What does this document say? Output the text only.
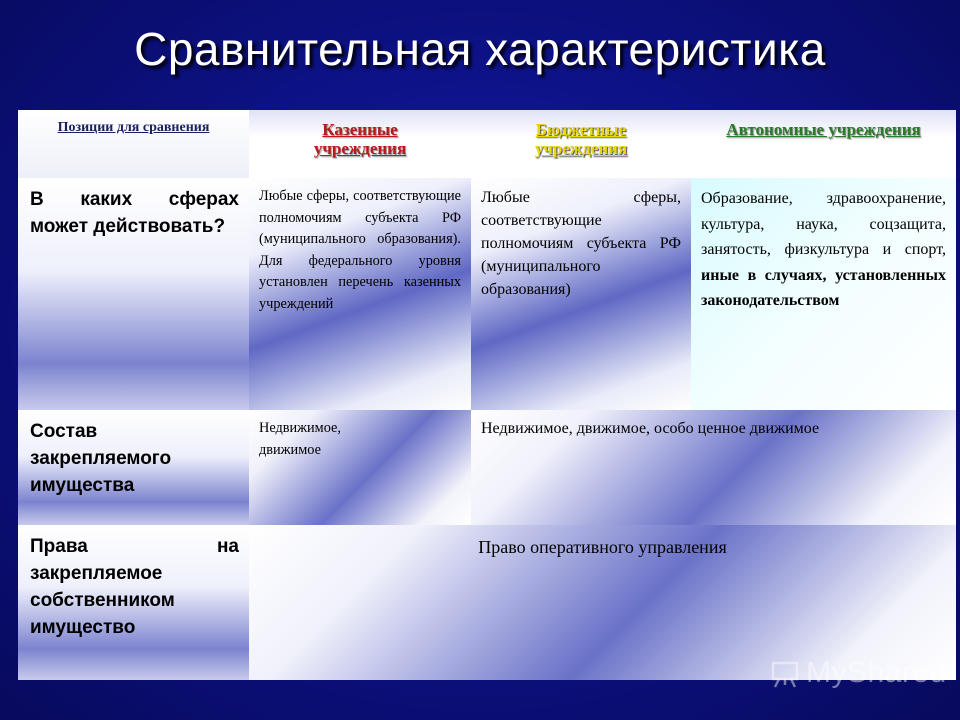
Сравнительная характеристика
Позиции для сравнения	Казенные учреждения
Бюджетные учреждения
Автономные учреждения
В каких сферах может действовать?
Любые сферы, соответствующие полномочиям субъекта РФ (муниципального образования). Для федерального уровня установлен перечень казенных учреждений
Любые сферы, соответствующие полномочиям субъекта РФ (муниципального образования)
Образование, здравоохранение, культура, наука, соцзащита, занятость, физкультура и спорт, иные в случаях, установленных законодательством
Состав закрепляемого имущества
Недвижимое, движимое
Недвижимое, движимое, особо ценное движимое
Права на закрепляемое собственником имущество
Право оперативного управления
MyShared
